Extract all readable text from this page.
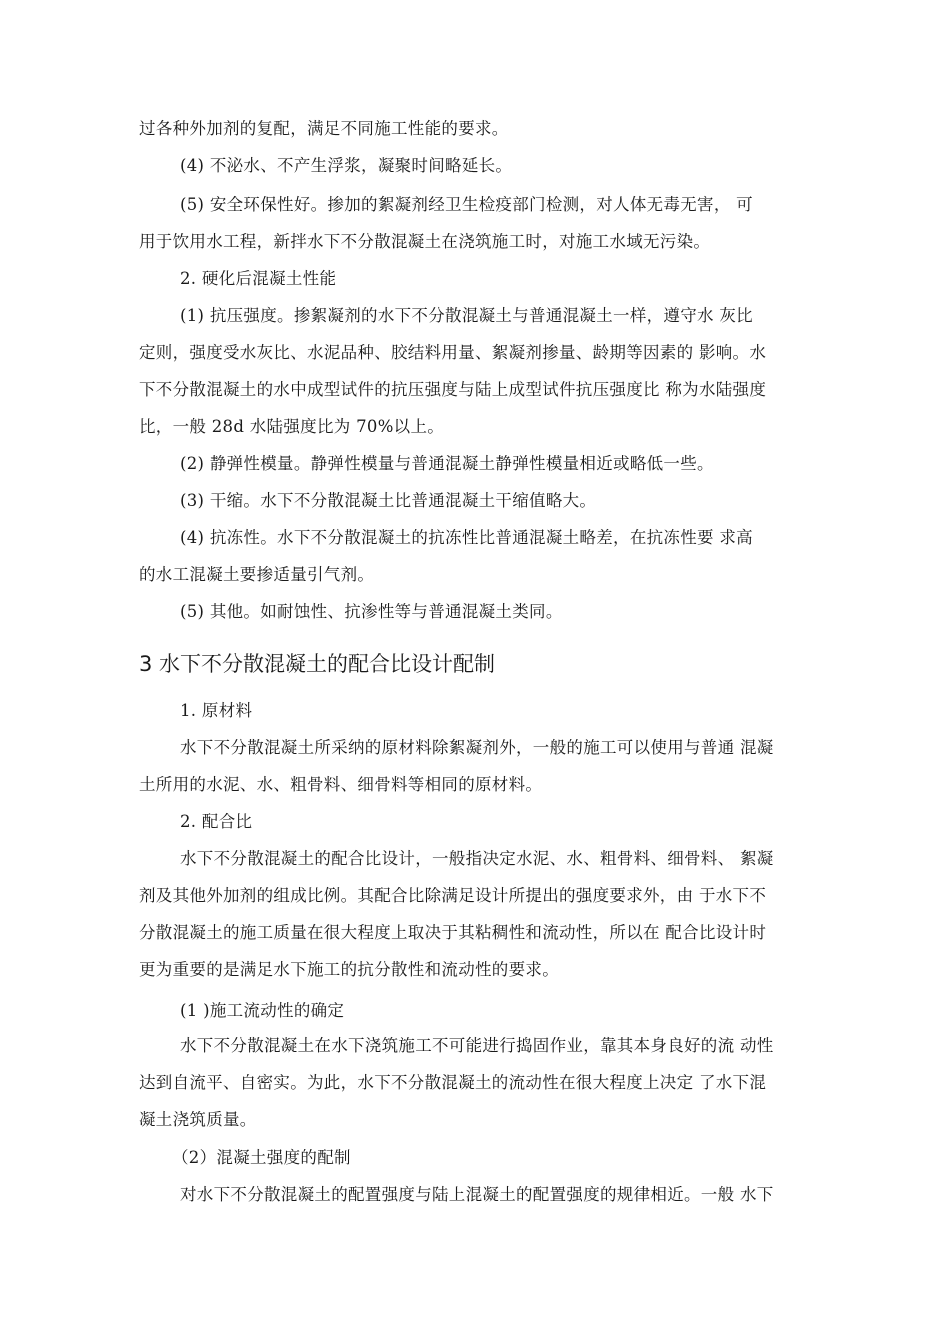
过各种外加剂的复配，满足不同施工性能的要求。
(4) 不泌水、不产生浮浆，凝聚时间略延长。
(5) 安全环保性好。掺加的絮凝剂经卫生检疫部门检测，对人体无毒无害， 可
用于饮用水工程，新拌水下不分散混凝土在浇筑施工时，对施工水域无污染。
2. 硬化后混凝土性能
(1) 抗压强度。掺絮凝剂的水下不分散混凝土与普通混凝土一样，遵守水 灰比
定则，强度受水灰比、水泥品种、胶结料用量、絮凝剂掺量、龄期等因素的 影响。水
下不分散混凝土的水中成型试件的抗压强度与陆上成型试件抗压强度比 称为水陆强度
比，一般 28d 水陆强度比为 70%以上。
(2) 静弹性模量。静弹性模量与普通混凝土静弹性模量相近或略低一些。
(3) 干缩。水下不分散混凝土比普通混凝土干缩值略大。
(4) 抗冻性。水下不分散混凝土的抗冻性比普通混凝土略差，在抗冻性要 求高
的水工混凝土要掺适量引气剂。
(5) 其他。如耐蚀性、抗渗性等与普通混凝土类同。
3 水下不分散混凝土的配合比设计配制
1. 原材料
水下不分散混凝土所采纳的原材料除絮凝剂外，一般的施工可以使用与普通 混凝
土所用的水泥、水、粗骨料、细骨料等相同的原材料。
2. 配合比
水下不分散混凝土的配合比设计，一般指决定水泥、水、粗骨料、细骨料、 絮凝
剂及其他外加剂的组成比例。其配合比除满足设计所提出的强度要求外，由 于水下不
分散混凝土的施工质量在很大程度上取决于其粘稠性和流动性，所以在 配合比设计时
更为重要的是满足水下施工的抗分散性和流动性的要求。
(1 )施工流动性的确定
水下不分散混凝土在水下浇筑施工不可能进行捣固作业，靠其本身良好的流 动性
达到自流平、自密实。为此，水下不分散混凝土的流动性在很大程度上决定 了水下混
凝土浇筑质量。
（2）混凝土强度的配制
对水下不分散混凝土的配置强度与陆上混凝土的配置强度的规律相近。一般 水下
